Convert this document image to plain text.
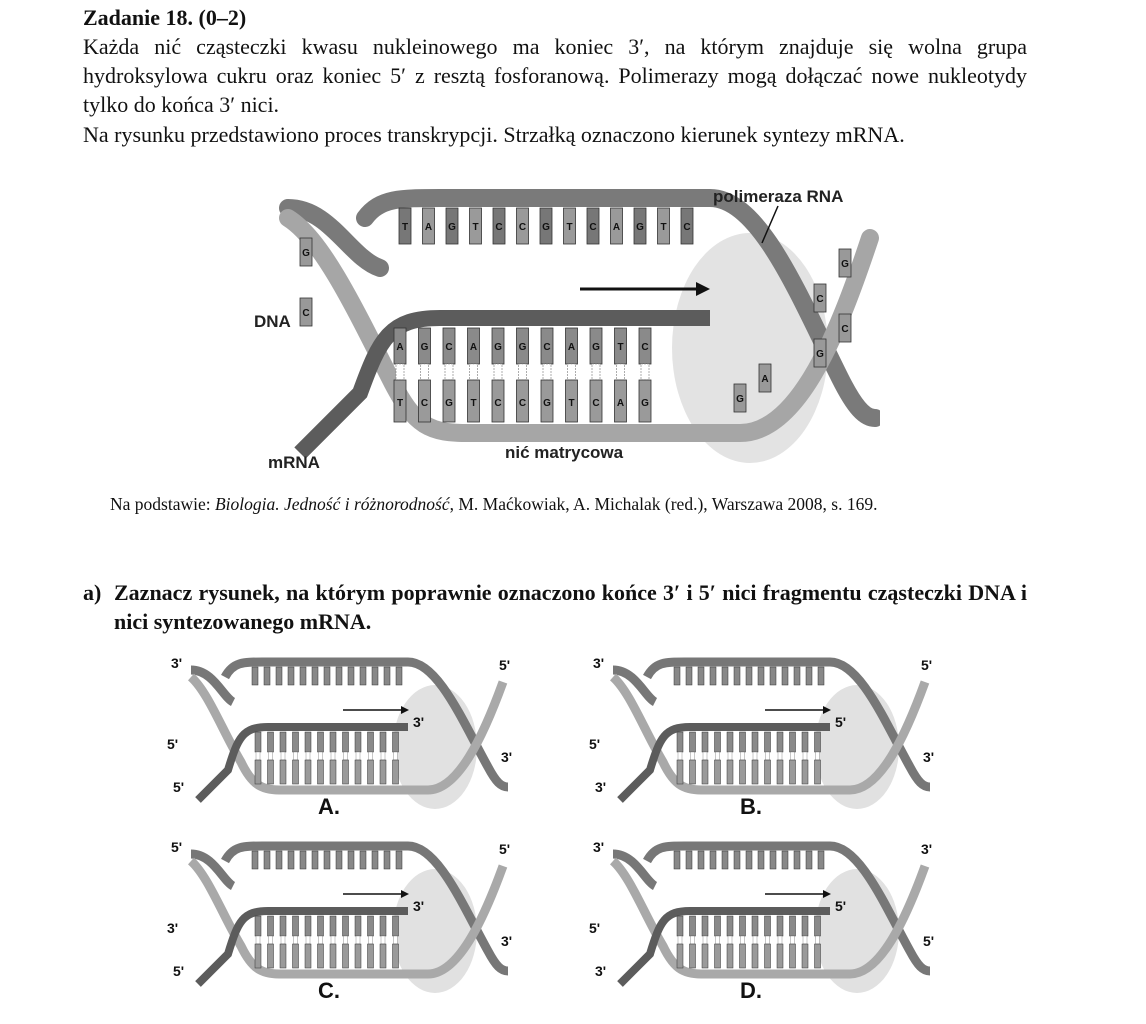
Zadanie 18. (0–2)
Każda nić cząsteczki kwasu nukleinowego ma koniec 3′, na którym znajduje się wolna grupa hydroksylowa cukru oraz koniec 5′ z resztą fosforanową. Polimerazy mogą dołączać nowe nukleotydy tylko do końca 3′ nici.
Na rysunku przedstawiono proces transkrypcji. Strzałką oznaczono kierunek syntezy mRNA.
T A G T C C G T C A G T C
A
T
G
C
C
G
A
T
G
C
G
C
C
G
A
T
G
C
T
A
C
G
G
C
G
C
C
G
A
G
polimeraza RNA
DNA
mRNA
nić matrycowa
Na podstawie: Biologia. Jedność i różnorodność, M. Maćkowiak, A. Michalak (red.), Warszawa 2008, s. 169.
a) Zaznacz rysunek, na którym poprawnie oznaczono końce 3′ i 5′ nici fragmentu cząsteczki DNA i nici syntezowanego mRNA.
3'
5'
5'
3'
5'
3'
A.
3'
5'
3'
5'
5'
3'
B.
5'
3'
5'
3'
5'
3'
C.
3'
5'
3'
5'
3'
5'
D.
